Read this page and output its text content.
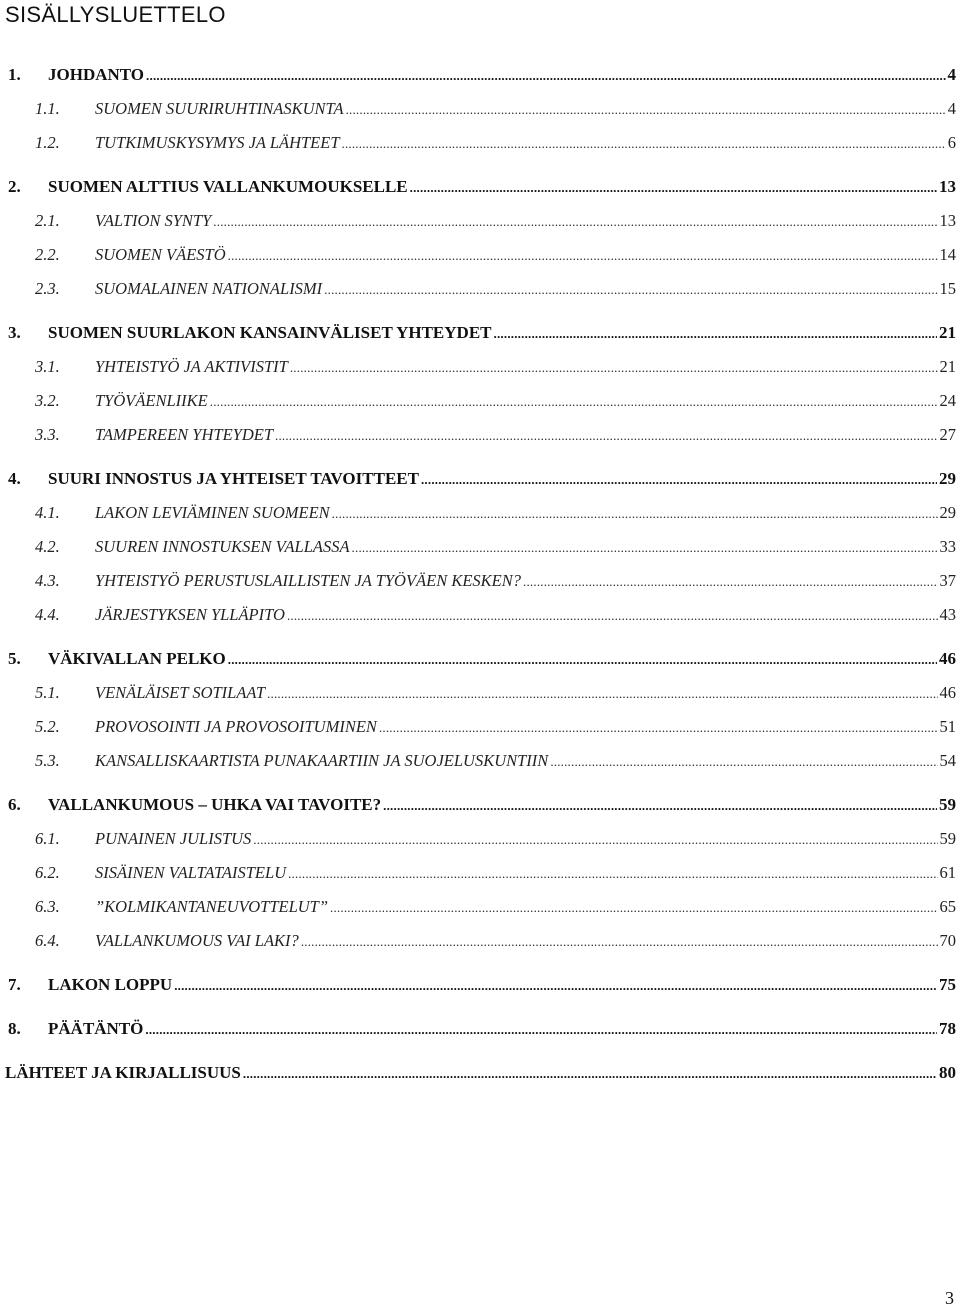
SISÄLLYSLUETTELO
1. JOHDANTO .....	4
1.1. SUOMEN SUURIRUHTINASKUNTA .....	4
1.2. TUTKIMUSKYSYMYS JA LÄHTEET .....	6
2. SUOMEN ALTTIUS VALLANKUMOUKSELLE .....	13
2.1. VALTION SYNTY .....	13
2.2. SUOMEN VÄESTÖ .....	14
2.3. SUOMALAINEN NATIONALISMI .....	15
3. SUOMEN SUURLAKON KANSAINVÄLISET YHTEYDET .....	21
3.1. YHTEISTYÖ JA AKTIVISTIT .....	21
3.2. TYÖVÄENLIIKE .....	24
3.3. TAMPEREEN YHTEYDET .....	27
4. SUURI INNOSTUS JA YHTEISET TAVOITTEET .....	29
4.1. LAKON LEVIÄMINEN SUOMEEN .....	29
4.2. SUUREN INNOSTUKSEN VALLASSA .....	33
4.3. YHTEISTYÖ PERUSTUSLAILLISTEN JA TYÖVÄEN KESKEN? .....	37
4.4. JÄRJESTYKSEN YLLÄPITO .....	43
5. VÄKIVALLAN PELKO .....	46
5.1. VENÄLÄISET SOTILAAT .....	46
5.2. PROVOSOINTI JA PROVOSOITUMINEN .....	51
5.3. KANSALLISKAARTISTA PUNAKAARTIIN JA SUOJELUSKUNTIIN .....	54
6. VALLANKUMOUS – UHKA VAI TAVOITE? .....	59
6.1. PUNAINEN JULISTUS .....	59
6.2. SISÄINEN VALTATAISTELU .....	61
6.3. ”KOLMIKANTANEUVOTTELUT” .....	65
6.4. VALLANKUMOUS VAI LAKI? .....	70
7. LAKON LOPPU .....	75
8. PÄÄTÄNTÖ .....	78
LÄHTEET JA KIRJALLISUUS .....	80
3
